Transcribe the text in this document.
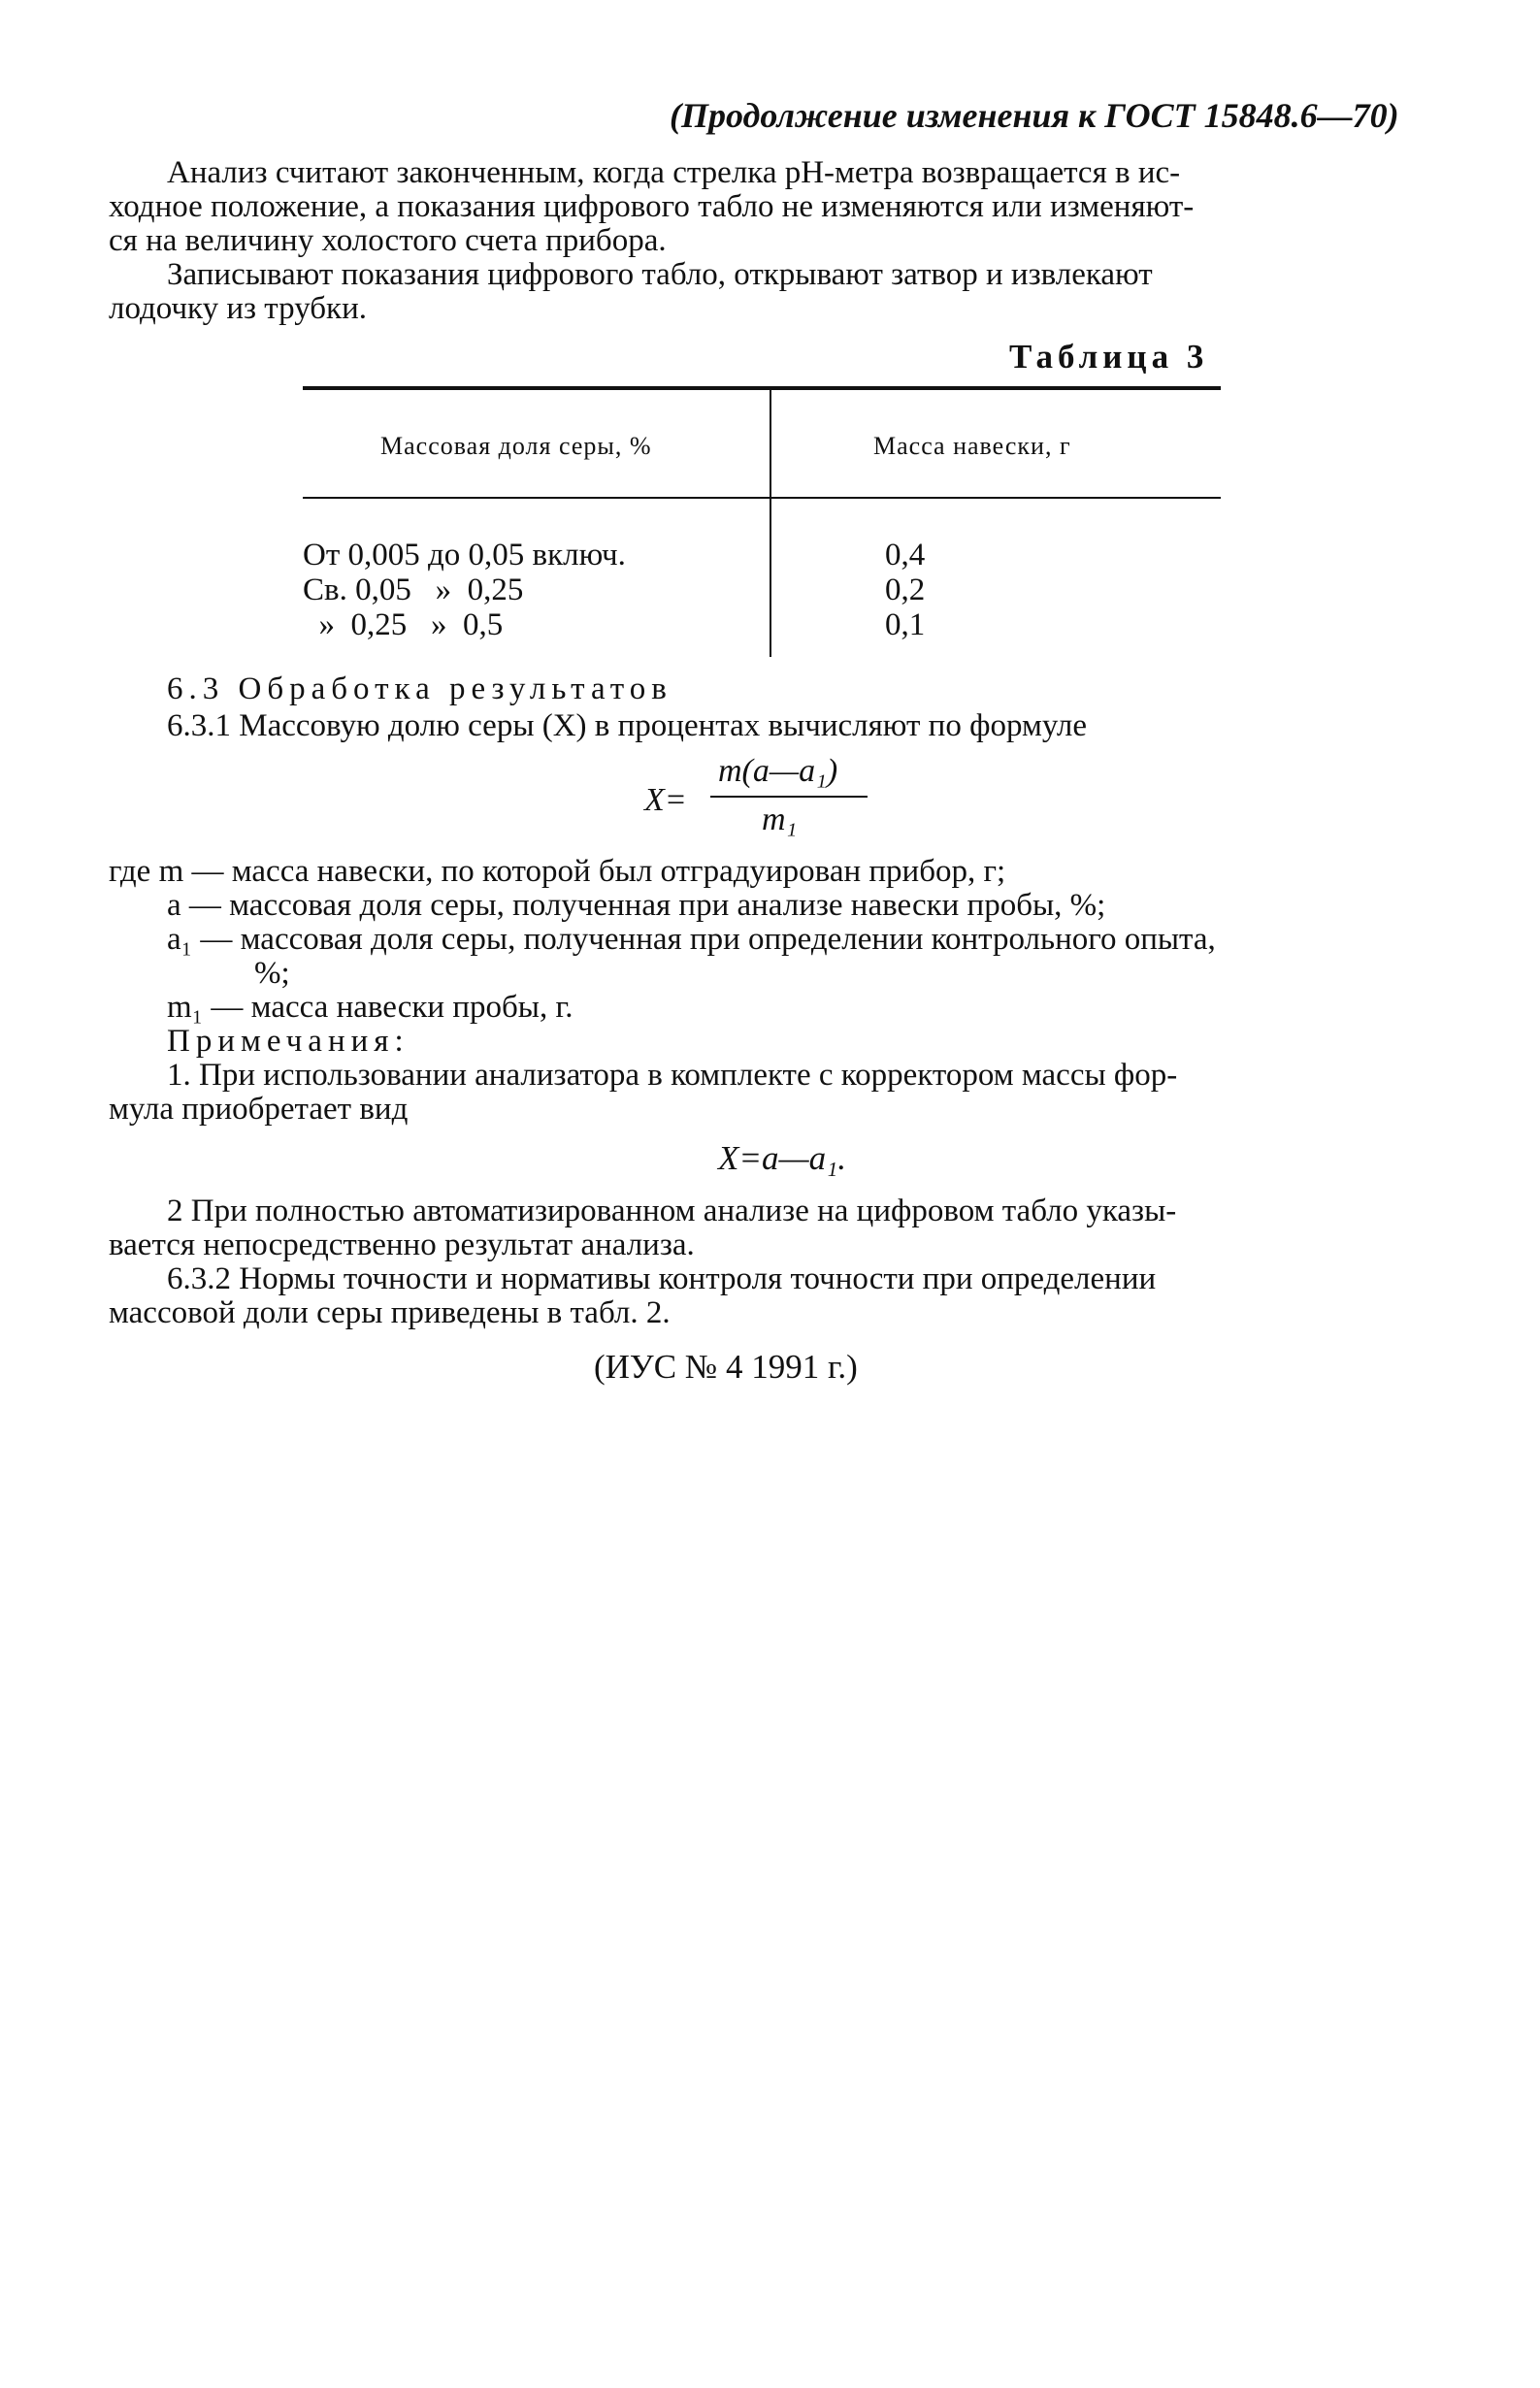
(Продолжение изменения к ГОСТ 15848.6—70)
Анализ считают законченным, когда стрелка pH-метра возвращается в ис-
ходное положение, а показания цифрового табло не изменяются или изменяют-
ся на величину холостого счета прибора.
Записывают показания цифрового табло, открывают затвор и извлекают
лодочку из трубки.
Таблица 3
Массовая доля серы, %	Масса навески, г
От 0,005 до 0,05 включ.	0,4
Св. 0,05   »  0,25	0,2
»  0,25   »  0,5	0,1
6.3 Обработка результатов
6.3.1 Массовую долю серы (X) в процентах вычисляют по формуле
X=
m(a—a₁)
m₁
где m — масса навески, по которой был отградуирован прибор, г;
a — массовая доля серы, полученная при анализе навески пробы, %;
a₁ — массовая доля серы, полученная при определении контрольного опыта,
%;
m₁ — масса навески пробы, г.
Примечания:
1. При использовании анализатора в комплекте с корректором массы фор-
мула приобретает вид
X=a—a₁.
2 При полностью автоматизированном анализе на цифровом табло указы-
вается непосредственно результат анализа.
6.3.2 Нормы точности и нормативы контроля точности при определении
массовой доли серы приведены в табл. 2.
(ИУС № 4 1991 г.)
